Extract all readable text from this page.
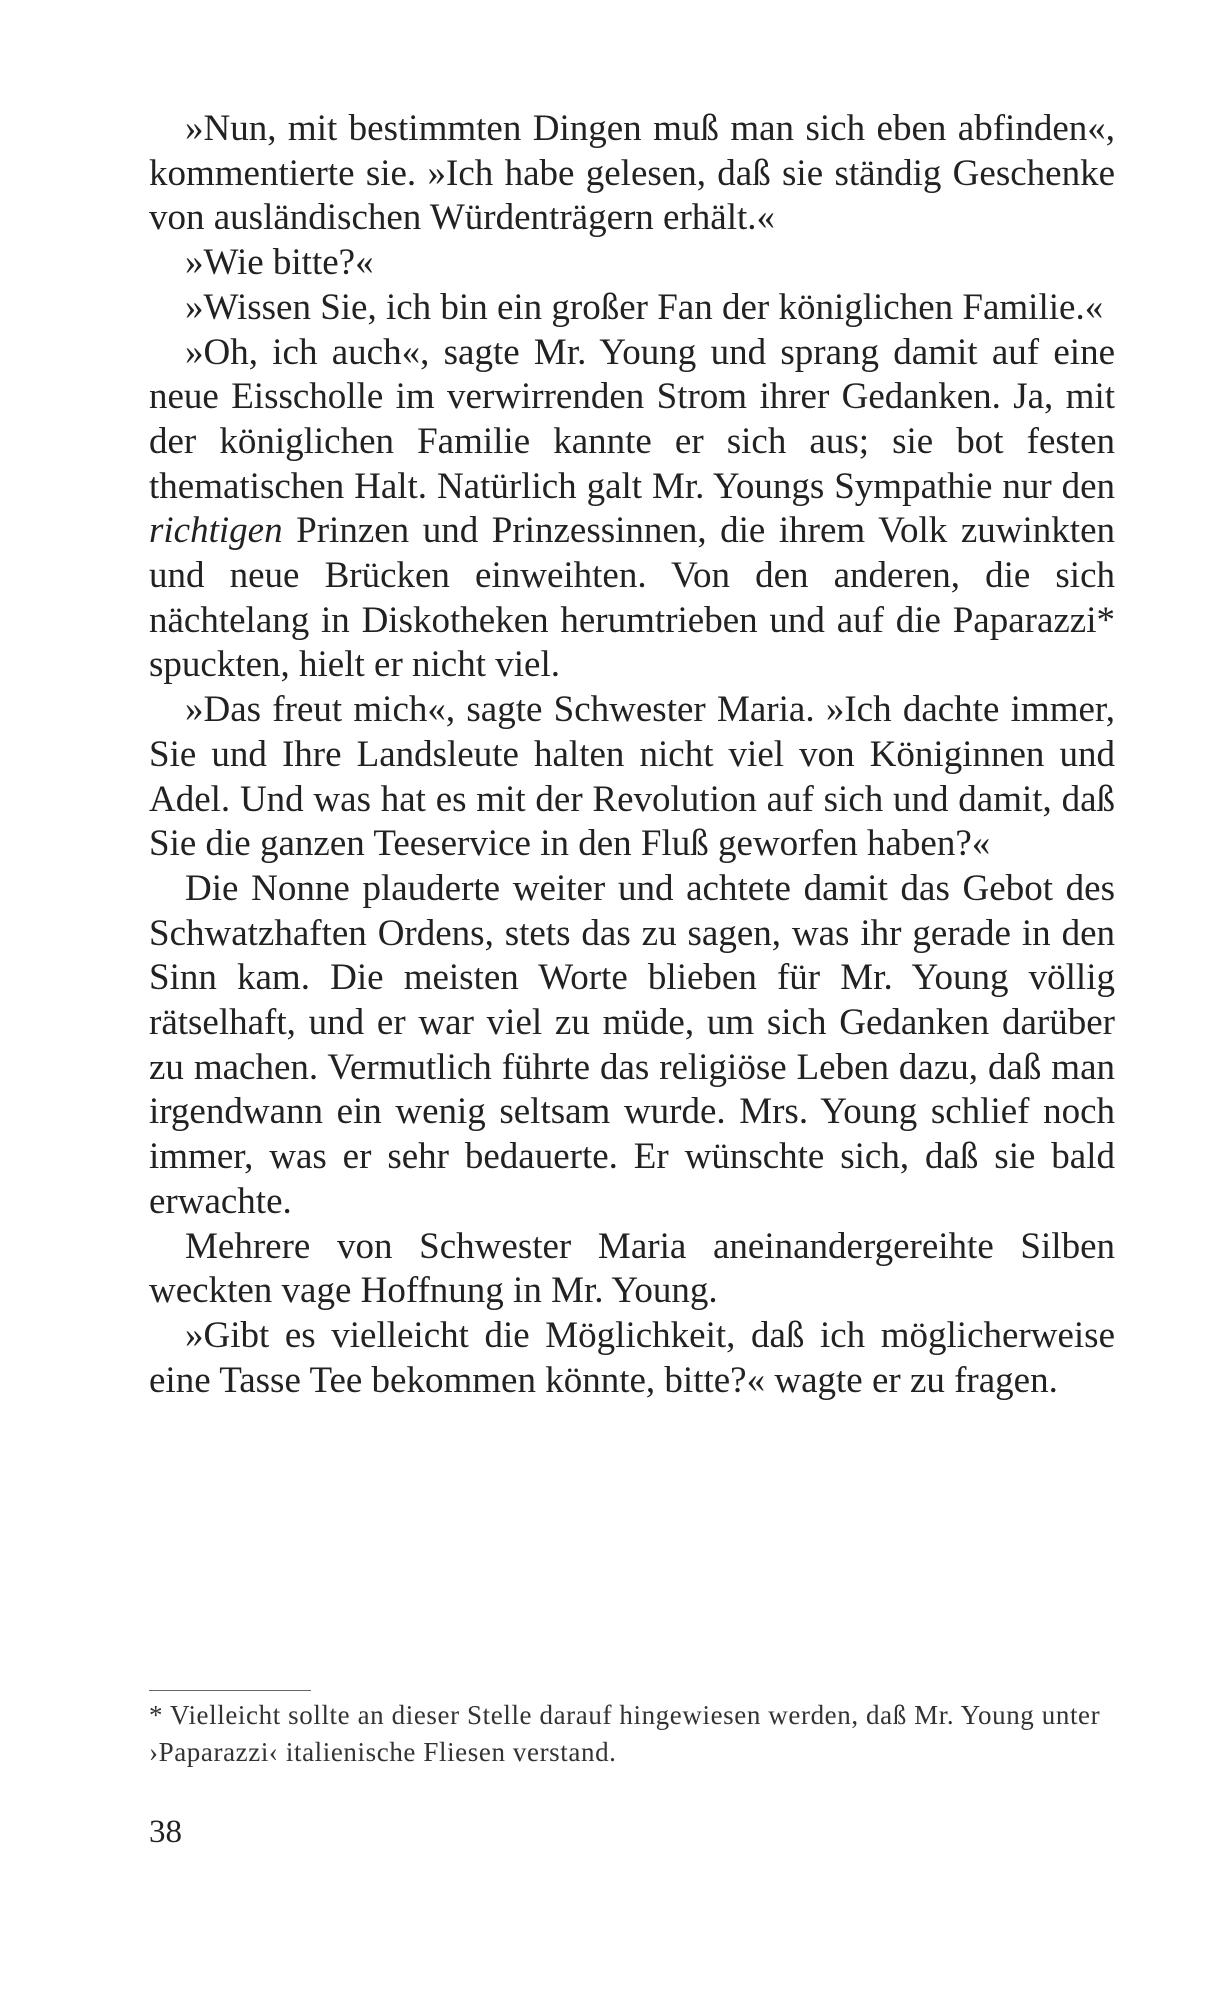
»Nun, mit bestimmten Dingen muß man sich eben abfinden«, kommentierte sie. »Ich habe gelesen, daß sie ständig Geschenke von ausländischen Würdenträgern erhält.«

»Wie bitte?«

»Wissen Sie, ich bin ein großer Fan der königlichen Familie.«

»Oh, ich auch«, sagte Mr. Young und sprang damit auf eine neue Eisscholle im verwirrenden Strom ihrer Gedanken. Ja, mit der königlichen Familie kannte er sich aus; sie bot festen thematischen Halt. Natürlich galt Mr. Youngs Sympathie nur den richtigen Prinzen und Prinzessinnen, die ihrem Volk zuwinkten und neue Brücken einweihten. Von den anderen, die sich nächtelang in Diskotheken herumtrieben und auf die Paparazzi* spuckten, hielt er nicht viel.

»Das freut mich«, sagte Schwester Maria. »Ich dachte immer, Sie und Ihre Landsleute halten nicht viel von Königinnen und Adel. Und was hat es mit der Revolution auf sich und damit, daß Sie die ganzen Teeservice in den Fluß geworfen haben?«

Die Nonne plauderte weiter und achtete damit das Gebot des Schwatzhaften Ordens, stets das zu sagen, was ihr gerade in den Sinn kam. Die meisten Worte blieben für Mr. Young völlig rätselhaft, und er war viel zu müde, um sich Gedanken darüber zu machen. Vermutlich führte das religiöse Leben dazu, daß man irgendwann ein wenig seltsam wurde. Mrs. Young schlief noch immer, was er sehr bedauerte. Er wünschte sich, daß sie bald erwachte.

Mehrere von Schwester Maria aneinandergereihte Silben weckten vage Hoffnung in Mr. Young.

»Gibt es vielleicht die Möglichkeit, daß ich möglicherweise eine Tasse Tee bekommen könnte, bitte?« wagte er zu fragen.

* Vielleicht sollte an dieser Stelle darauf hingewiesen werden, daß Mr. Young unter ›Paparazzi‹ italienische Fliesen verstand.

38
